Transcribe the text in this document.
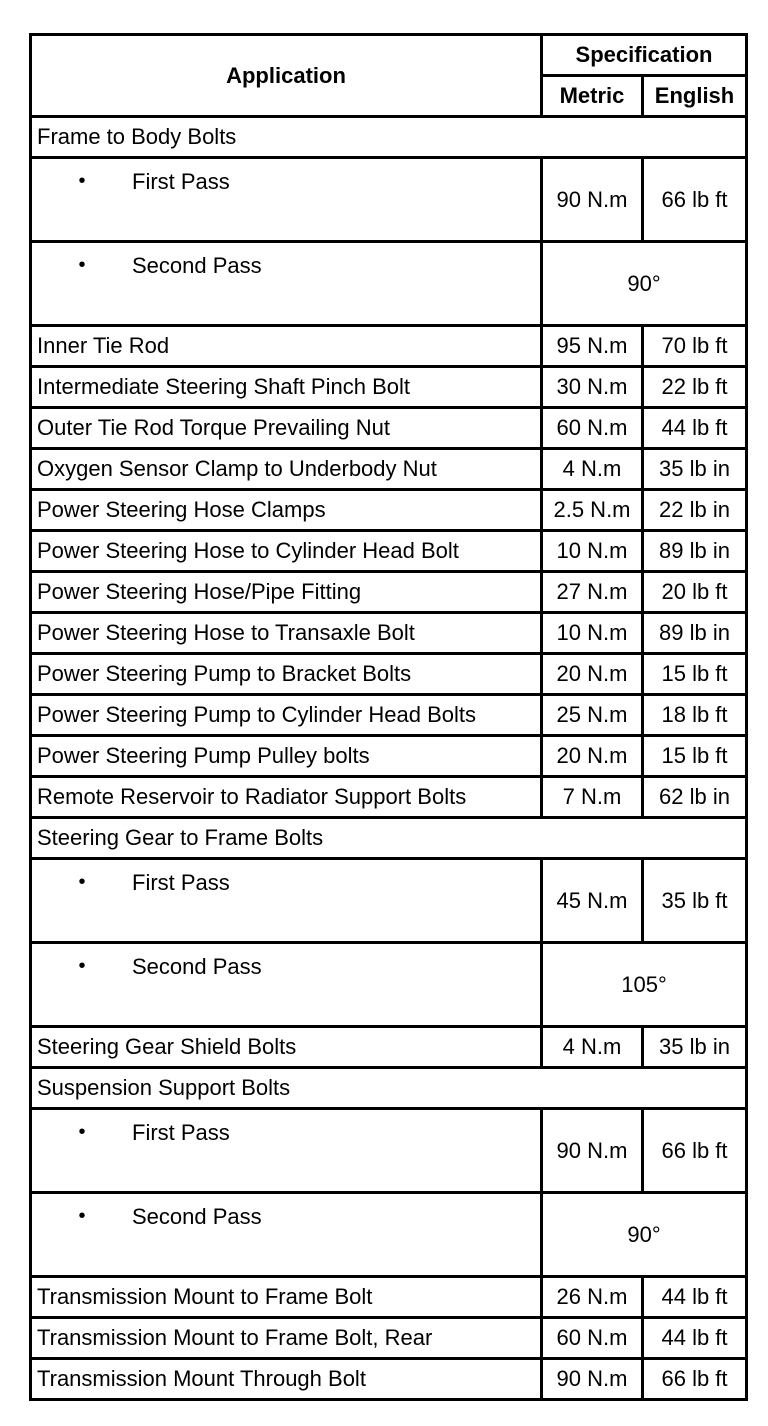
Application	Specification	
	Metric	English
Frame to Body Bolts		

• First Pass	90 N.m	66 lb ft

• Second Pass	90°	
Inner Tie Rod	95 N.m	70 lb ft
Intermediate Steering Shaft Pinch Bolt	30 N.m	22 lb ft
Outer Tie Rod Torque Prevailing Nut	60 N.m	44 lb ft
Oxygen Sensor Clamp to Underbody Nut	4 N.m	35 lb in
Power Steering Hose Clamps	2.5 N.m	22 lb in
Power Steering Hose to Cylinder Head Bolt	10 N.m	89 lb in
Power Steering Hose/Pipe Fitting	27 N.m	20 lb ft
Power Steering Hose to Transaxle Bolt	10 N.m	89 lb in
Power Steering Pump to Bracket Bolts	20 N.m	15 lb ft
Power Steering Pump to Cylinder Head Bolts	25 N.m	18 lb ft
Power Steering Pump Pulley bolts	20 N.m	15 lb ft
Remote Reservoir to Radiator Support Bolts	7 N.m	62 lb in
Steering Gear to Frame Bolts		

• First Pass	45 N.m	35 lb ft

• Second Pass	105°	
Steering Gear Shield Bolts	4 N.m	35 lb in
Suspension Support Bolts		

• First Pass	90 N.m	66 lb ft

• Second Pass	90°	
Transmission Mount to Frame Bolt	26 N.m	44 lb ft
Transmission Mount to Frame Bolt, Rear	60 N.m	44 lb ft
Transmission Mount Through Bolt	90 N.m	66 lb ft
